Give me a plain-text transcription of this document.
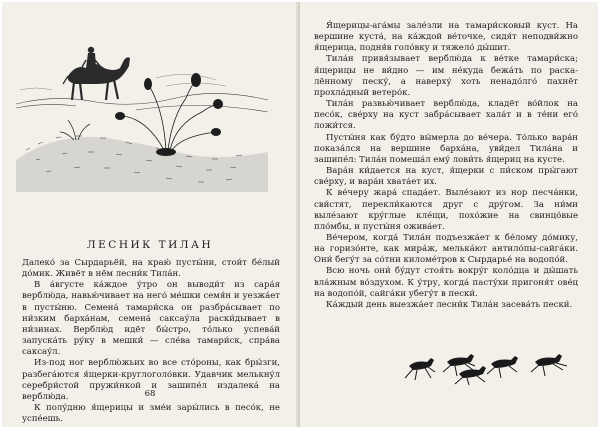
ЛЕСНИК ТИЛАН

Далеко́ за Сырдарьёй, на краю́ пусты́ни, стои́т бе́лый до́мик. Живёт в нём лесни́к Тила́н.

В а́вгусте ка́ждое у́тро он выводи́т из сара́я верблю́да, навью́чивает на него́ ме́шки семя́н и уезжа́ет в пусты́ню. Семена́ тамари́ска он разбра́сывает по ни́зким барха́нам, семена́ саксау́ла раски́дывает в ни́зинах. Верблю́д идёт бы́стро, то́лько успева́й запуска́ть ру́ку в мешки́ — сле́ва тамари́ск, спра́ва саксау́л.

Из-под ног верблю́жьих во все сто́роны, как бры́зги, разбега́ются я́щерки-круглоголо́вки. Удавчик мелькну́л серебри́стой пружи́нкой и зашипе́л издалека́ на верблю́да.

К полу́дню я́щерицы и зме́и зары́лись в песо́к, не успе́ешь.

68

Я́щерицы-ага́мы зале́зли на тамари́сковый куст. На вершине куста́, на ка́ждой ве́точке, сидя́т неподви́жно я́щерица, подня́в голо́вку и тяжело́ ды́шит.

Тила́н привя́зывает верблю́да к ве́тке тамари́ска; я́щерицы не ви́дно — им не́куда бежа́ть по раска-лённому песку́, а наверху́ хоть ненадо́лго́ пахнёт прохла́дный ветеро́к.

Тила́н развью́чивает верблю́да, кладёт во́йлок на песо́к, све́рху на куст забра́сывает хала́т и в те́ни его́ ложи́тся.

Пусты́ня как бу́дто вы́мерла до ве́чера. То́лько вара́н показа́лся на вершине барха́на, уви́дел Тила́на и зашипе́л: Тила́н помеша́л ему́ лови́ть я́щериц на кусте.

Вара́н ки́дается на куст, я́щерки с пи́ском пры́гают све́рху, и вара́н хвата́ет их.

К ве́черу жара́ спада́ет. Выле́зают из нор песча́нки, сви́стят, перекли́каются друг с дру́гом. За ни́ми выле́зают кру́глые кле́щи, похо́жие на свинцо́вые пло́мбы, и пусты́ня ожива́ет.

Ве́чером, когда́ Тила́н подъезжа́ет к бе́лому до́мику, на горизо́нте, как мира́ж, мелька́ют антило́пы-сайга́ки. Они́ бегу́т за со́тни киломе́тров к Сырдарье́ на водопо́й.

Всю ночь они́ бу́дут стоя́ть вокру́г коло́дца и ды́шать вла́жным во́здухом. К у́тру, когда́ пасту́хи пригоня́т ове́ц на водопо́й, сайга́ки убегу́т в пески́.

Ка́ждый день выезжа́ет лесни́к Тила́н засева́ть пески́.
